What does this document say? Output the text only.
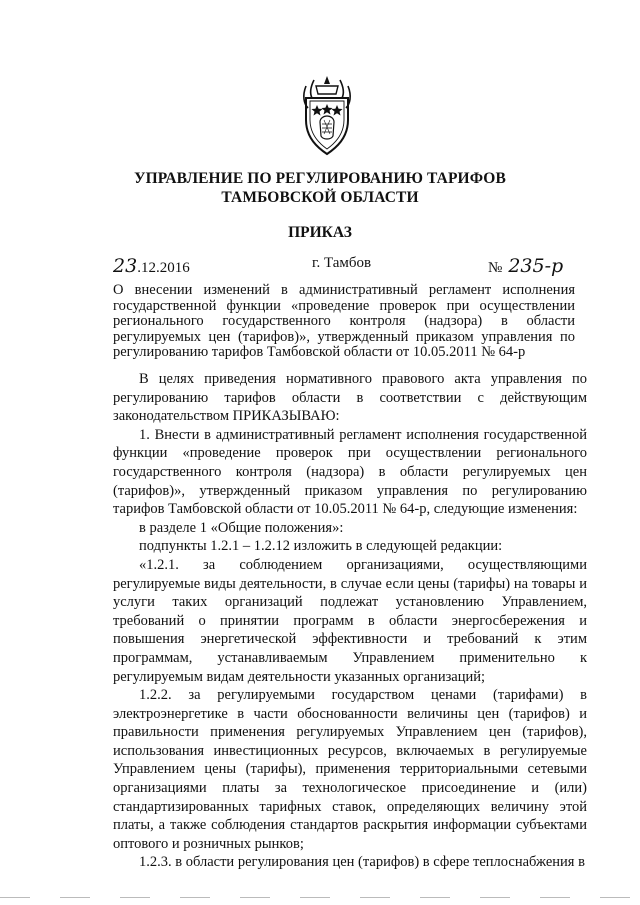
УПРАВЛЕНИЕ ПО РЕГУЛИРОВАНИЮ ТАРИФОВ
ТАМБОВСКОЙ ОБЛАСТИ
ПРИКАЗ
23.12.2016	г. Тамбов	№ 235-р
О внесении изменений в административный регламент исполнения государственной функции «проведение проверок при осуществлении регионального государственного контроля (надзора) в области регулируемых цен (тарифов)», утвержденный приказом управления по регулированию тарифов Тамбовской области от 10.05.2011 № 64-р

В целях приведения нормативного правового акта управления по регулированию тарифов области в соответствии с действующим законодательством ПРИКАЗЫВАЮ:

1. Внести в административный регламент исполнения государственной функции «проведение проверок при осуществлении регионального государственного контроля (надзора) в области регулируемых цен (тарифов)», утвержденный приказом управления по регулированию тарифов Тамбовской области от 10.05.2011 № 64-р, следующие изменения:

в разделе 1 «Общие положения»:

подпункты 1.2.1 – 1.2.12 изложить в следующей редакции:

«1.2.1. за соблюдением организациями, осуществляющими регулируемые виды деятельности, в случае если цены (тарифы) на товары и услуги таких организаций подлежат установлению Управлением, требований о принятии программ в области энергосбережения и повышения энергетической эффективности и требований к этим программам, устанавливаемым Управлением применительно к регулируемым видам деятельности указанных организаций;

1.2.2. за регулируемыми государством ценами (тарифами) в электроэнергетике в части обоснованности величины цен (тарифов) и правильности применения регулируемых Управлением цен (тарифов), использования инвестиционных ресурсов, включаемых в регулируемые Управлением цены (тарифы), применения территориальными сетевыми организациями платы за технологическое присоединение и (или) стандартизированных тарифных ставок, определяющих величину этой платы, а также соблюдения стандартов раскрытия информации субъектами оптового и розничных рынков;

1.2.3. в области регулирования цен (тарифов) в сфере теплоснабжения в
